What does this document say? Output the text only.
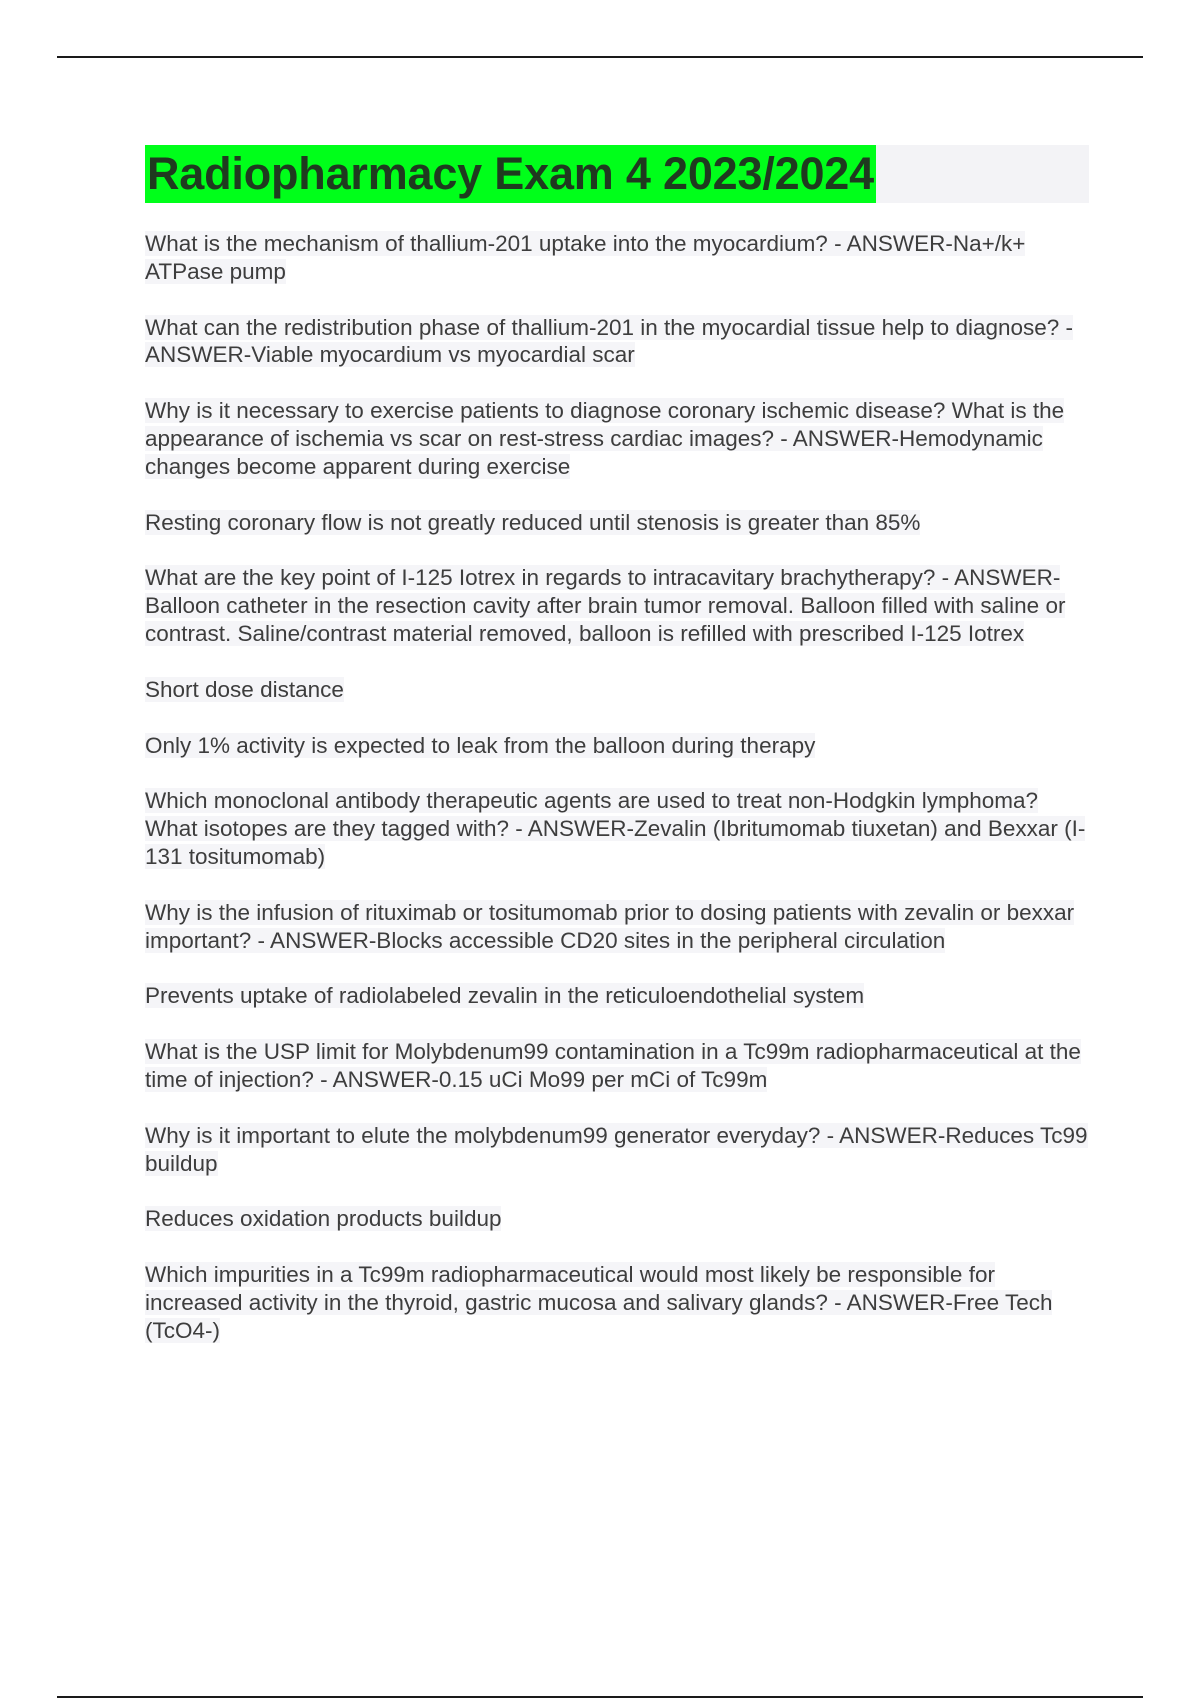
Radiopharmacy Exam 4 2023/2024

What is the mechanism of thallium-201 uptake into the myocardium? - ANSWER-Na+/k+ ATPase pump

What can the redistribution phase of thallium-201 in the myocardial tissue help to diagnose? - ANSWER-Viable myocardium vs myocardial scar

Why is it necessary to exercise patients to diagnose coronary ischemic disease? What is the appearance of ischemia vs scar on rest-stress cardiac images? - ANSWER-Hemodynamic changes become apparent during exercise

Resting coronary flow is not greatly reduced until stenosis is greater than 85%

What are the key point of I-125 Iotrex in regards to intracavitary brachytherapy? - ANSWER-Balloon catheter in the resection cavity after brain tumor removal. Balloon filled with saline or contrast. Saline/contrast material removed, balloon is refilled with prescribed I-125 Iotrex

Short dose distance

Only 1% activity is expected to leak from the balloon during therapy

Which monoclonal antibody therapeutic agents are used to treat non-Hodgkin lymphoma? What isotopes are they tagged with? - ANSWER-Zevalin (Ibritumomab tiuxetan) and Bexxar (I-131 tositumomab)

Why is the infusion of rituximab or tositumomab prior to dosing patients with zevalin or bexxar important? - ANSWER-Blocks accessible CD20 sites in the peripheral circulation

Prevents uptake of radiolabeled zevalin in the reticuloendothelial system

What is the USP limit for Molybdenum99 contamination in a Tc99m radiopharmaceutical at the time of injection? - ANSWER-0.15 uCi Mo99 per mCi of Tc99m

Why is it important to elute the molybdenum99 generator everyday? - ANSWER-Reduces Tc99 buildup

Reduces oxidation products buildup

Which impurities in a Tc99m radiopharmaceutical would most likely be responsible for increased activity in the thyroid, gastric mucosa and salivary glands? - ANSWER-Free Tech (TcO4-)
